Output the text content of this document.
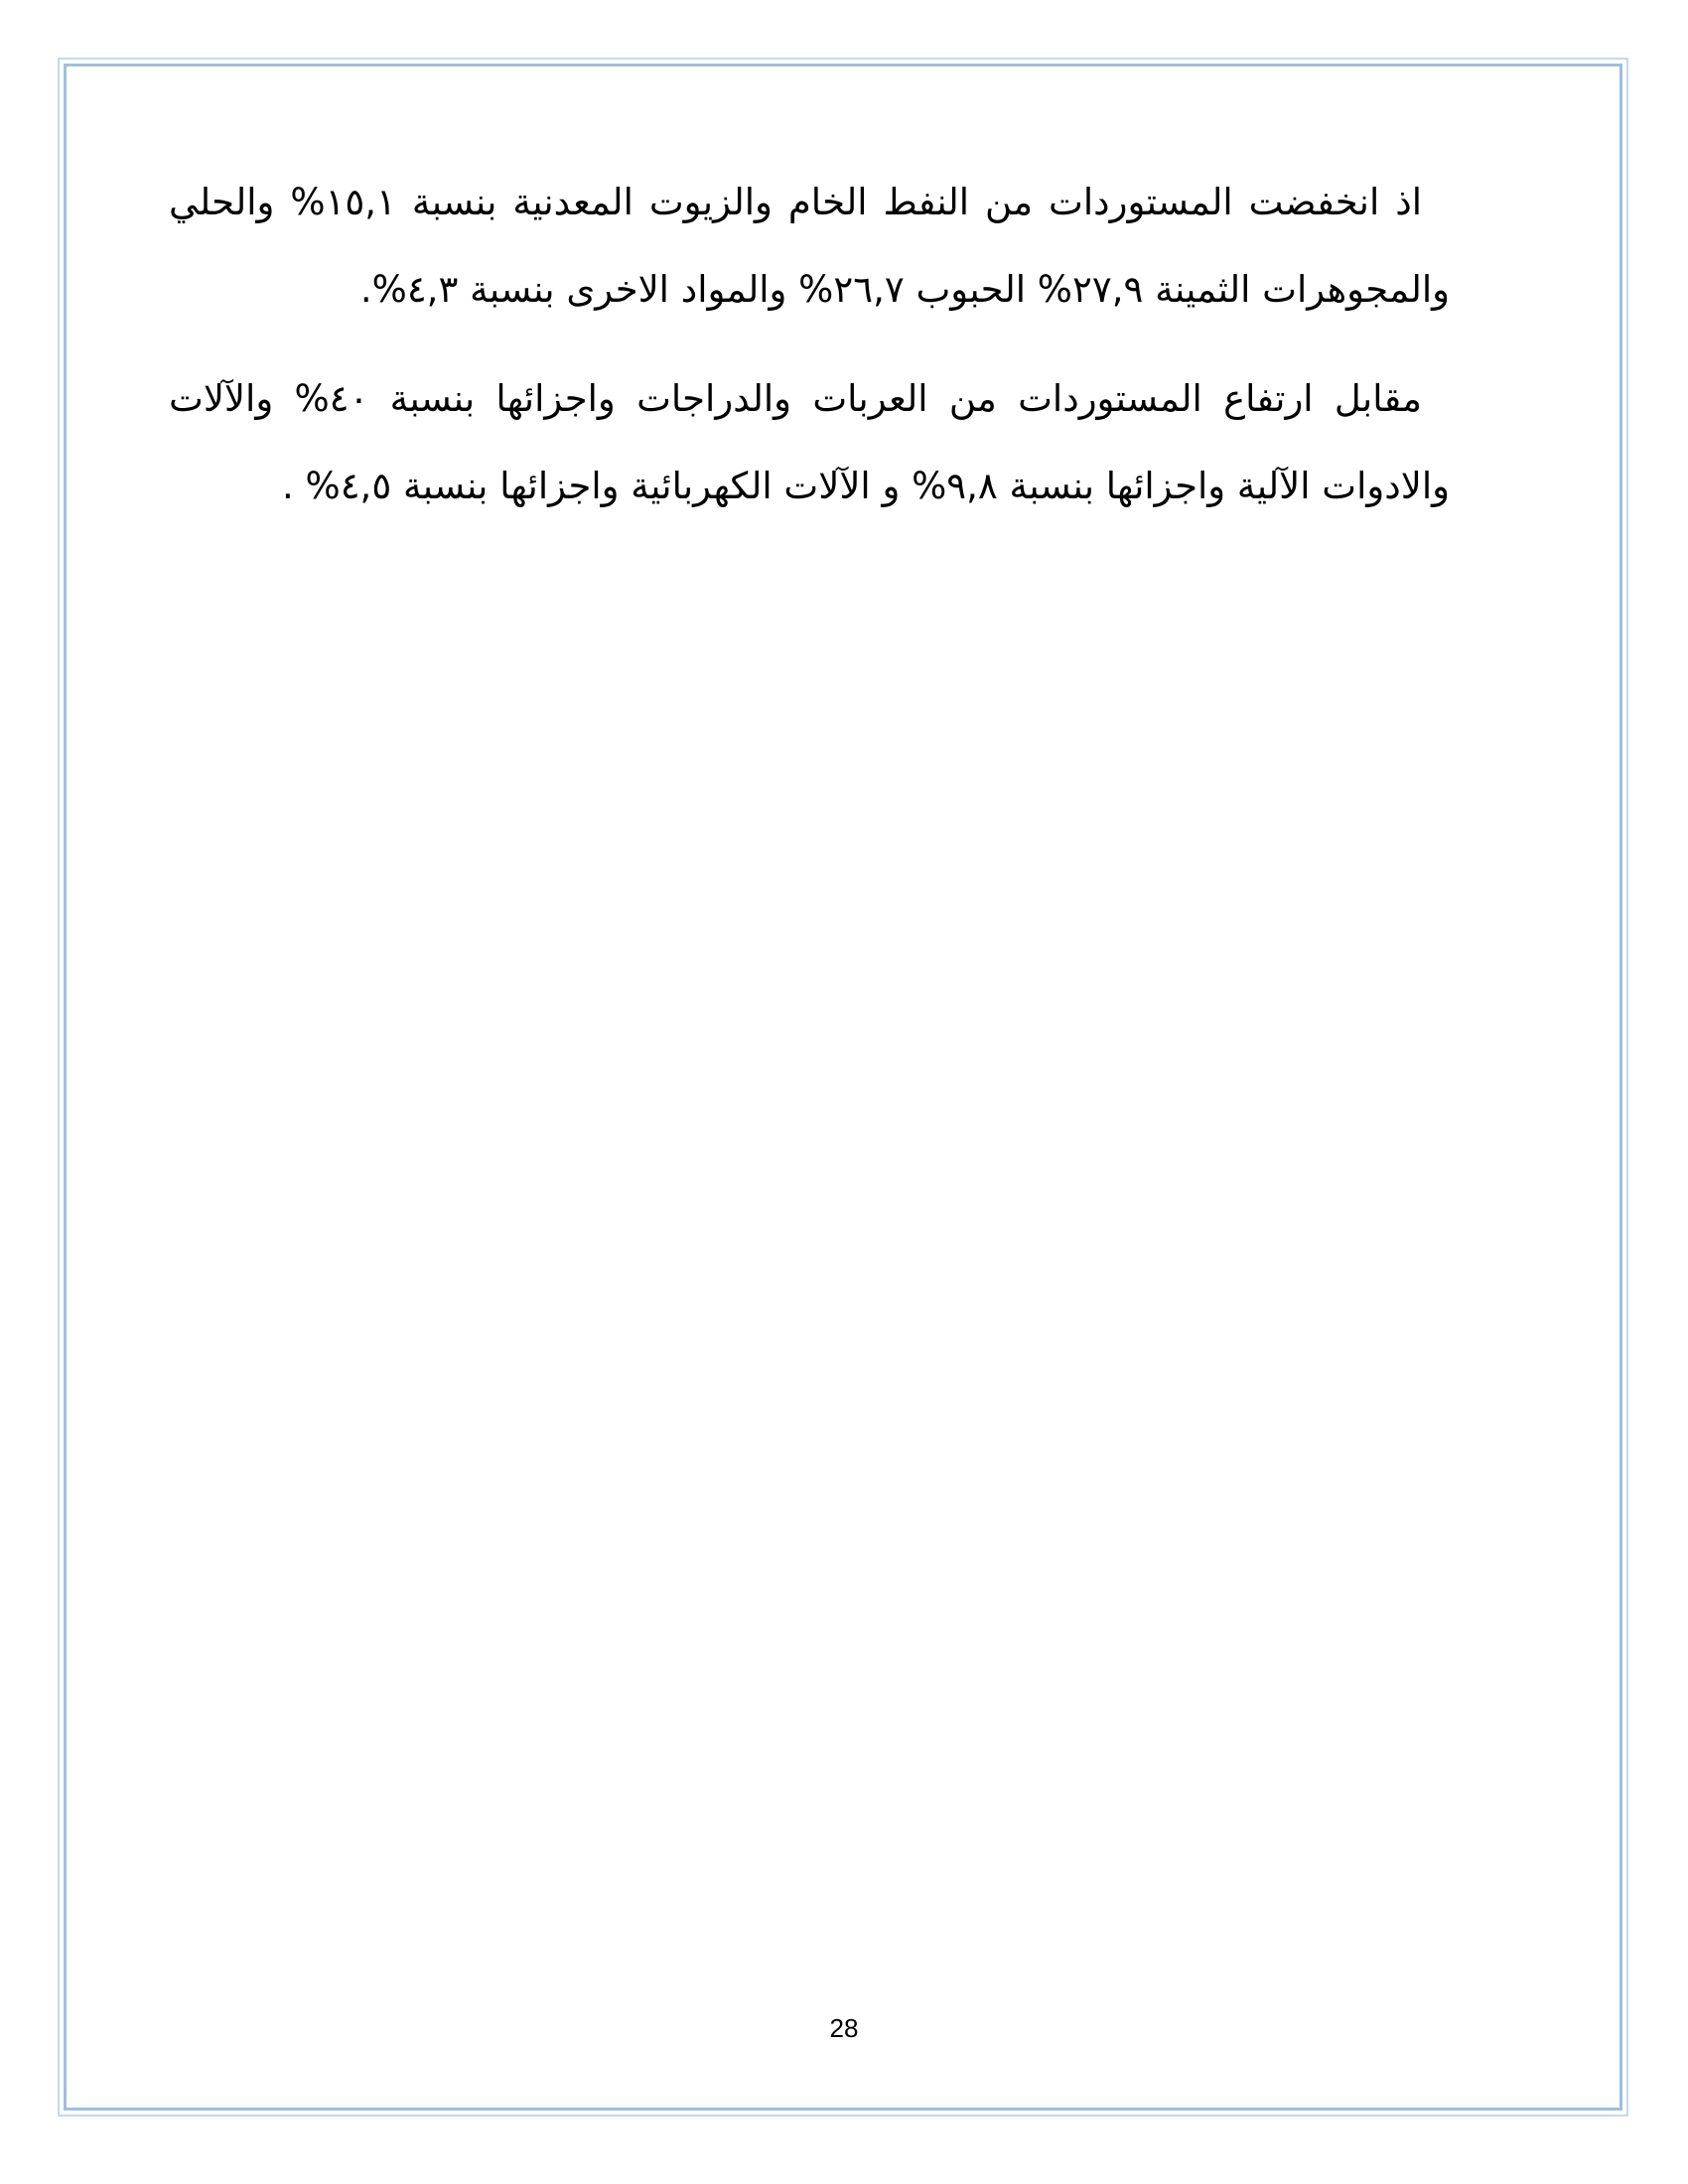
اذ انخفضت المستوردات من النفط الخام والزيوت المعدنية بنسبة ١٥,١% والحلي والمجوهرات الثمينة ٢٧,٩% الحبوب ٢٦,٧% والمواد الاخرى بنسبة ٤,٣%.

مقابل ارتفاع المستوردات من العربات والدراجات واجزائها بنسبة ٤٠% والآلات والادوات الآلية واجزائها بنسبة ٩,٨% و الآلات الكهربائية واجزائها بنسبة ٤,٥% .

28
